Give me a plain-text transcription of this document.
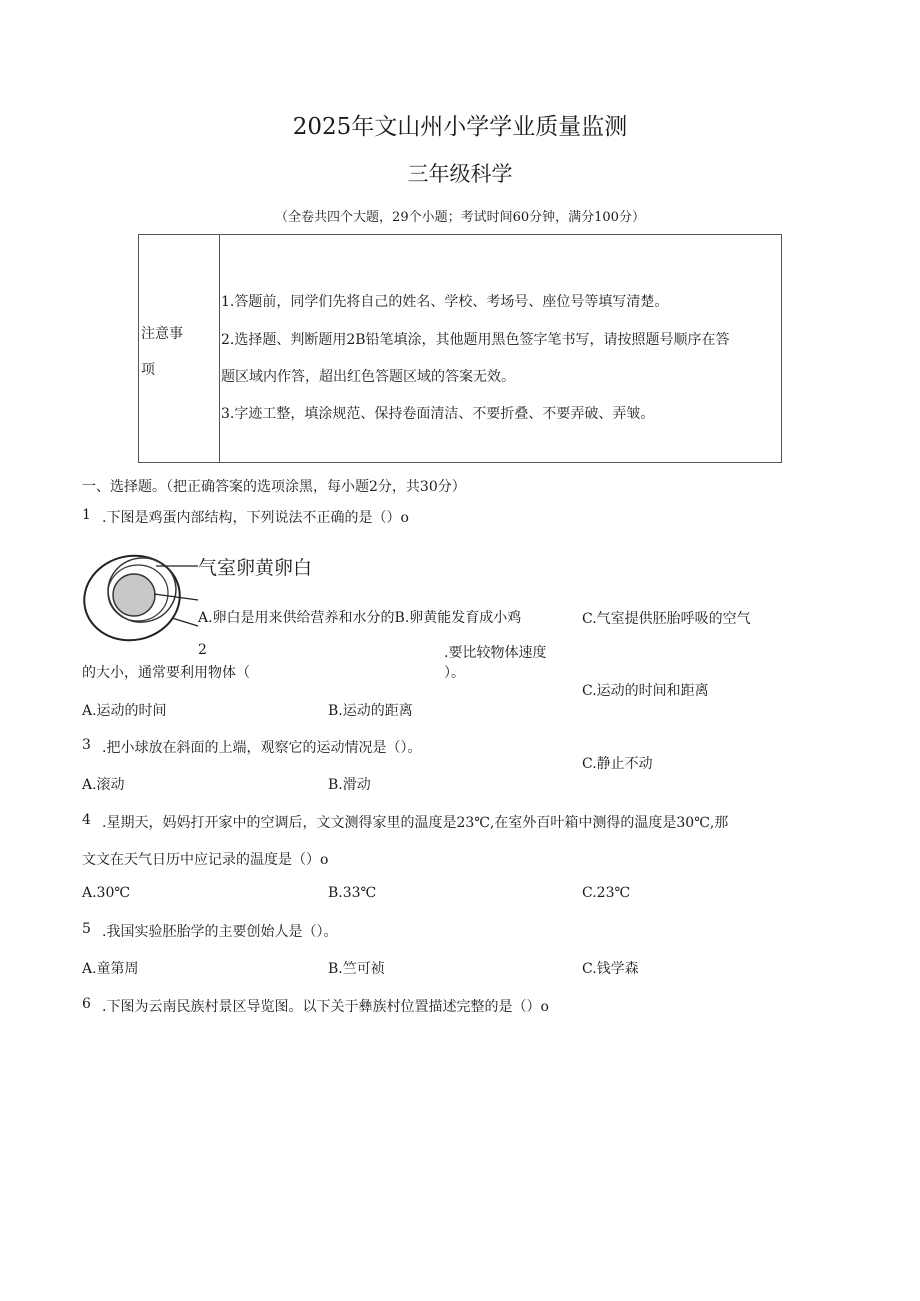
2025年文山州小学学业质量监测
三年级科学
（全卷共四个大题，29个小题；考试时间60分钟，满分100分）
注意事
项
1.答题前，同学们先将自己的姓名、学校、考场号、座位号等填写清楚。
2.选择题、判断题用2B铅笔填涂，其他题用黑色签字笔书写，请按照题号顺序在答
题区域内作答，超出红色答题区域的答案无效。
3.字迹工整，填涂规范、保持卷面清洁、不要折叠、不要弄破、弄皱。
一、选择题。（把正确答案的选项涂黑，每小题2分，共30分）
1 .下图是鸡蛋内部结构，下列说法不正确的是（）o
气室卵黄卵白
A.卵白是用来供给营养和水分的B.卵黄能发育成小鸡	C.气室提供胚胎呼吸的空气
2	.要比较物体速度
的大小，通常要利用物体（	）。
C.运动的时间和距离
A.运动的时间	B.运动的距离
3 .把小球放在斜面的上端，观察它的运动情况是（）。
C.静止不动
A.滚动	B.滑动
4 .星期天，妈妈打开家中的空调后，文文测得家里的温度是23℃,在室外百叶箱中测得的温度是30℃,那
文文在天气日历中应记录的温度是（）o
A.30℃	B.33℃	C.23℃
5 .我国实验胚胎学的主要创始人是（）。
A.童第周	B.竺可祯	C.钱学森
6 .下图为云南民族村景区导览图。以下关于彝族村位置描述完整的是（）o
